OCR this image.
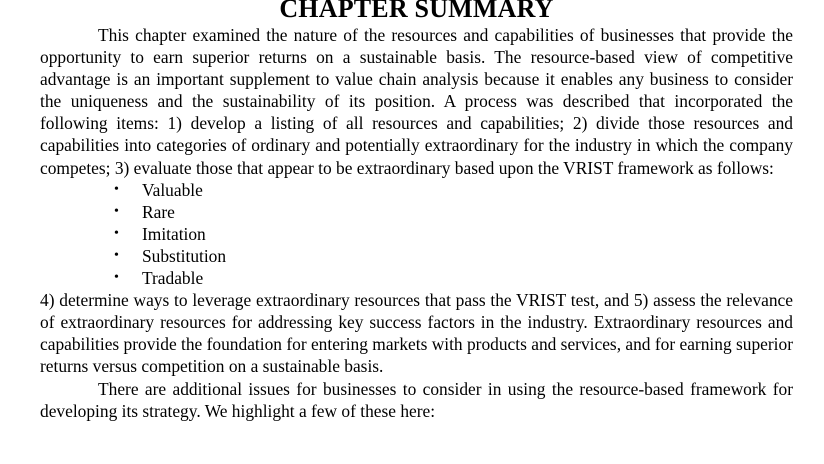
CHAPTER SUMMARY

This chapter examined the nature of the resources and capabilities of businesses that provide the opportunity to earn superior returns on a sustainable basis. The resource-based view of competitive advantage is an important supplement to value chain analysis because it enables any business to consider the uniqueness and the sustainability of its position. A process was described that incorporated the following items: 1) develop a listing of all resources and capabilities; 2) divide those resources and capabilities into categories of ordinary and potentially extraordinary for the industry in which the company competes; 3) evaluate those that appear to be extraordinary based upon the VRIST framework as follows:

• Valuable
• Rare
• Imitation
• Substitution
• Tradable

4) determine ways to leverage extraordinary resources that pass the VRIST test, and 5) assess the relevance of extraordinary resources for addressing key success factors in the industry. Extraordinary resources and capabilities provide the foundation for entering markets with products and services, and for earning superior returns versus competition on a sustainable basis.

There are additional issues for businesses to consider in using the resource-based framework for developing its strategy. We highlight a few of these here:
